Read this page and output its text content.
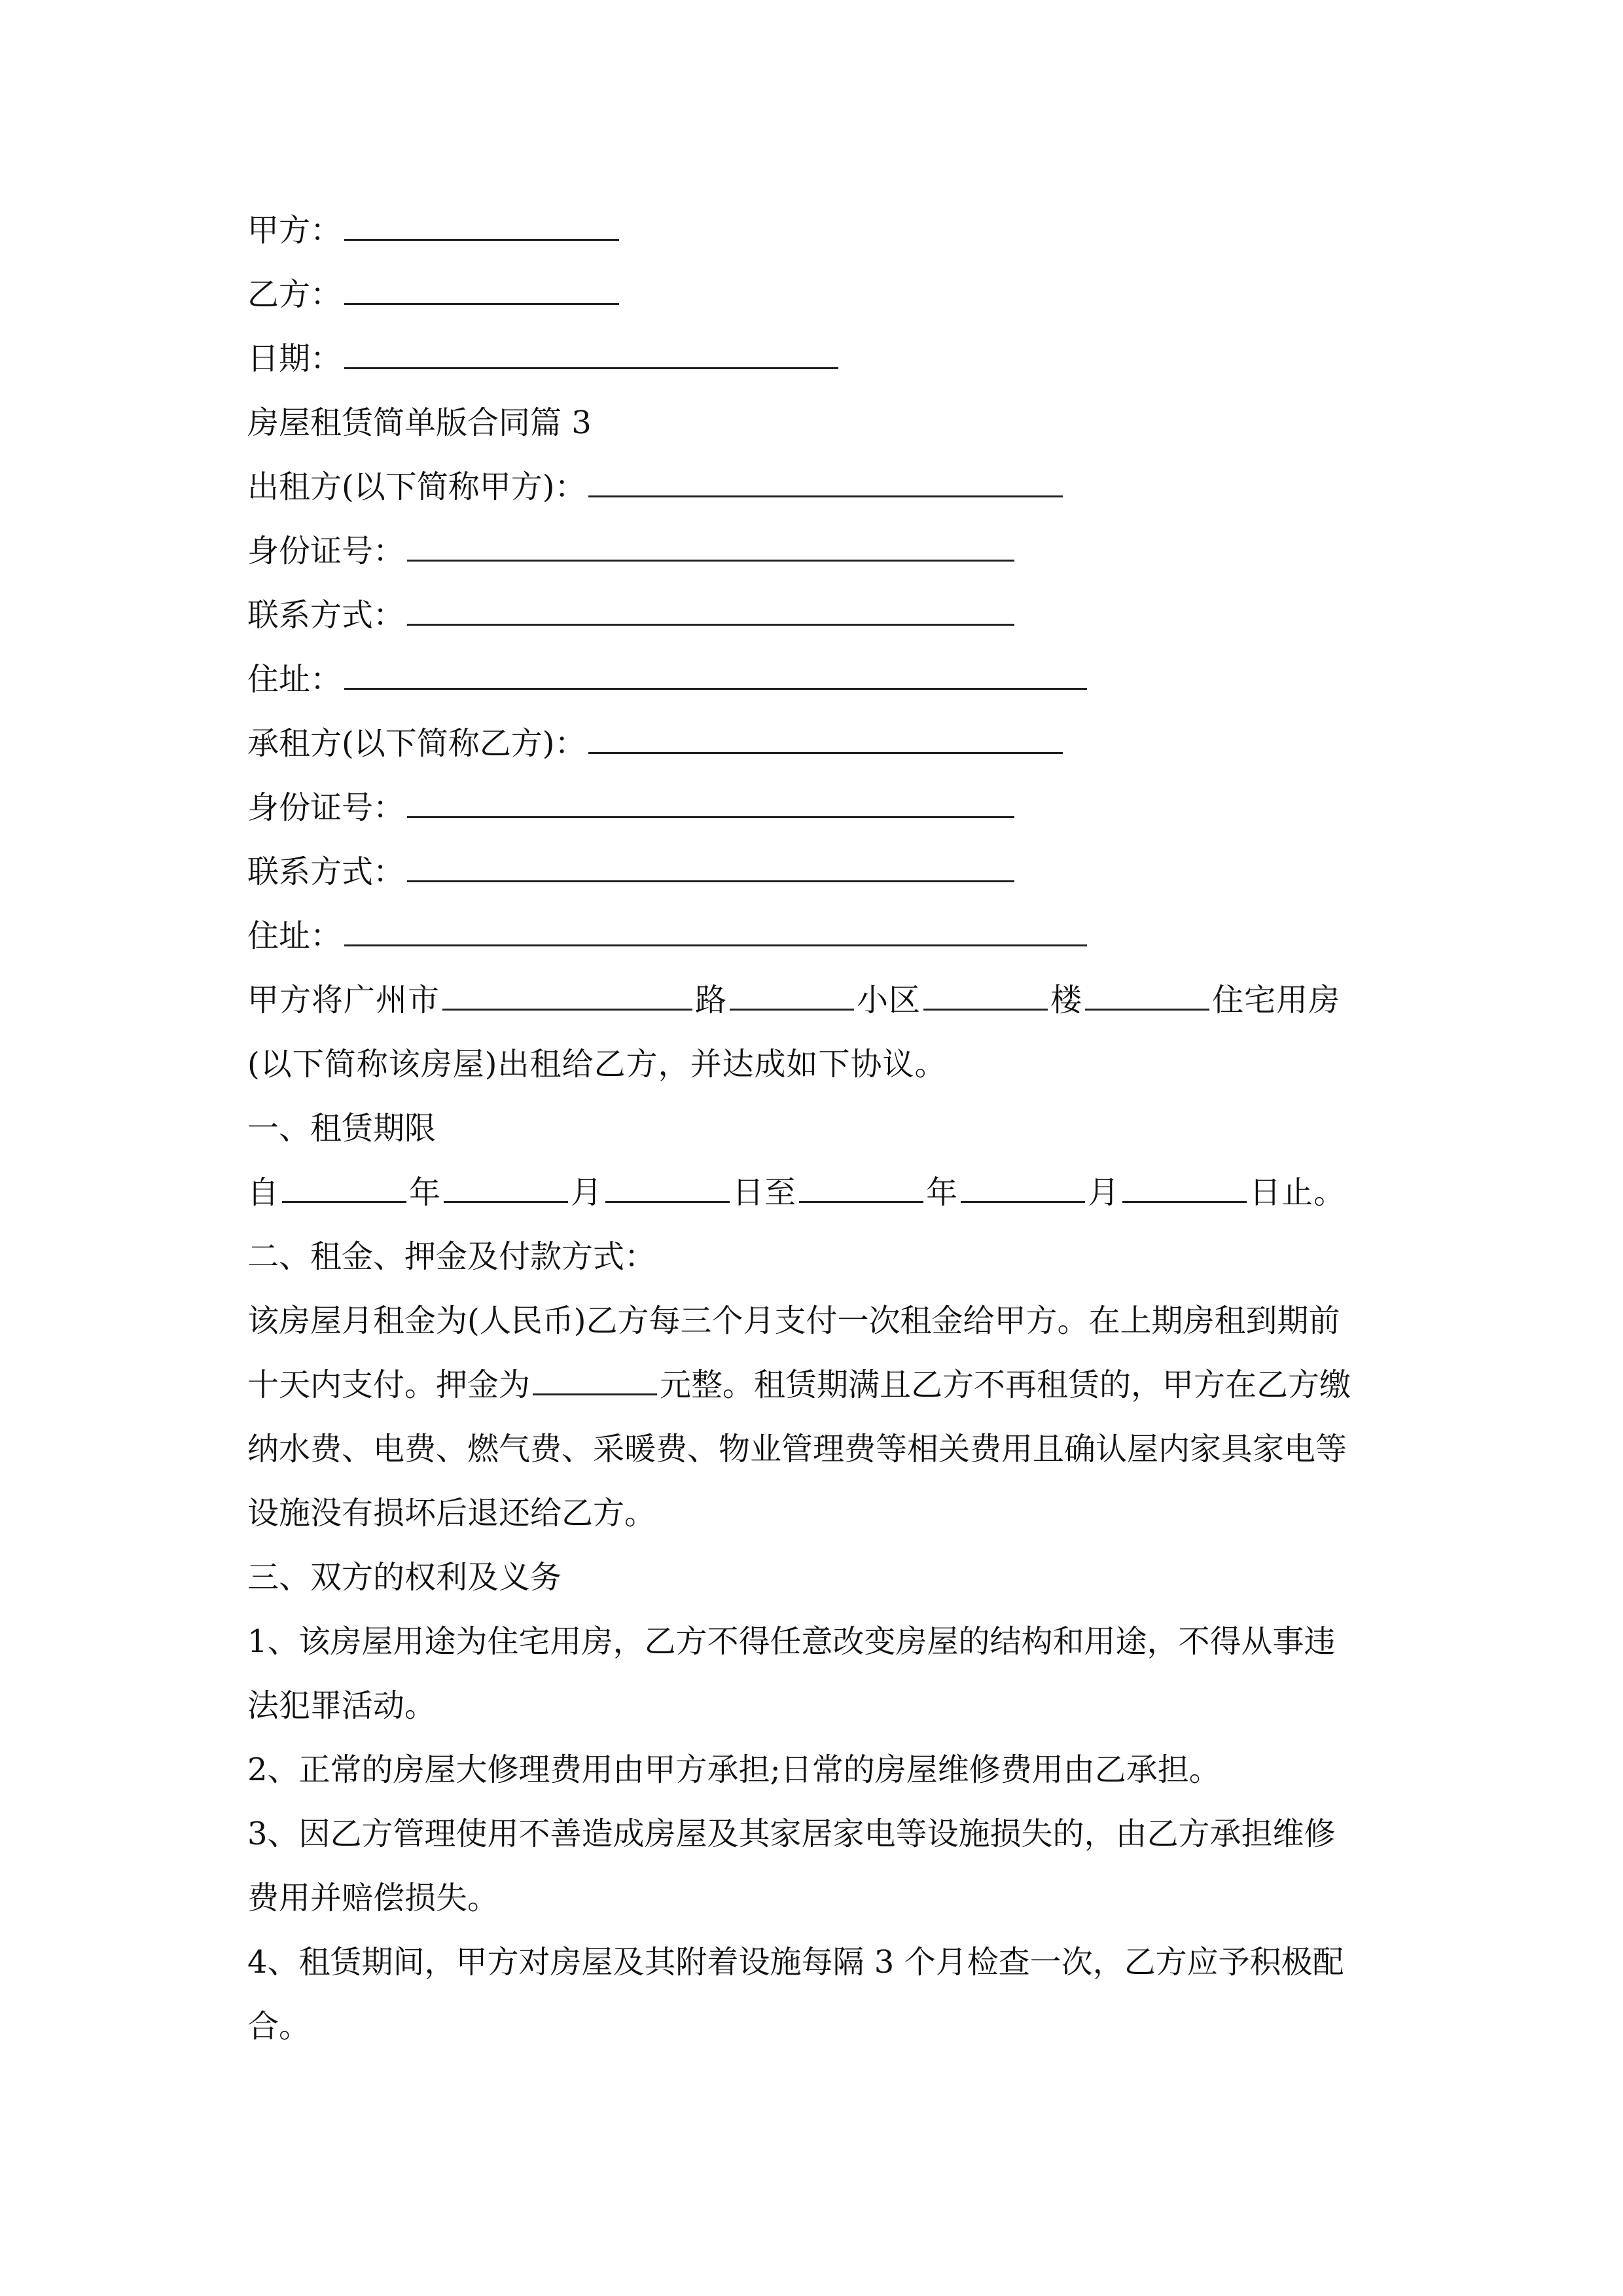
甲方：
乙方：
日期：
房屋租赁简单版合同篇 3
出租方(以下简称甲方)：
身份证号：
联系方式：
住址：
承租方(以下简称乙方)：
身份证号：
联系方式：
住址：
甲方将广州市	路	小区	楼	住宅用房
(以下简称该房屋)出租给乙方，并达成如下协议。
一、租赁期限
自	年	月	日至	年	月	日止。
二、租金、押金及付款方式：
该房屋月租金为(人民币)乙方每三个月支付一次租金给甲方。在上期房租到期前
十天内支付。押金为	元整。租赁期满且乙方不再租赁的，甲方在乙方缴
纳水费、电费、燃气费、采暖费、物业管理费等相关费用且确认屋内家具家电等
设施没有损坏后退还给乙方。
三、双方的权利及义务
1、该房屋用途为住宅用房，乙方不得任意改变房屋的结构和用途，不得从事违
法犯罪活动。
2、正常的房屋大修理费用由甲方承担;日常的房屋维修费用由乙承担。
3、因乙方管理使用不善造成房屋及其家居家电等设施损失的，由乙方承担维修
费用并赔偿损失。
4、租赁期间，甲方对房屋及其附着设施每隔 3 个月检查一次，乙方应予积极配
合。
